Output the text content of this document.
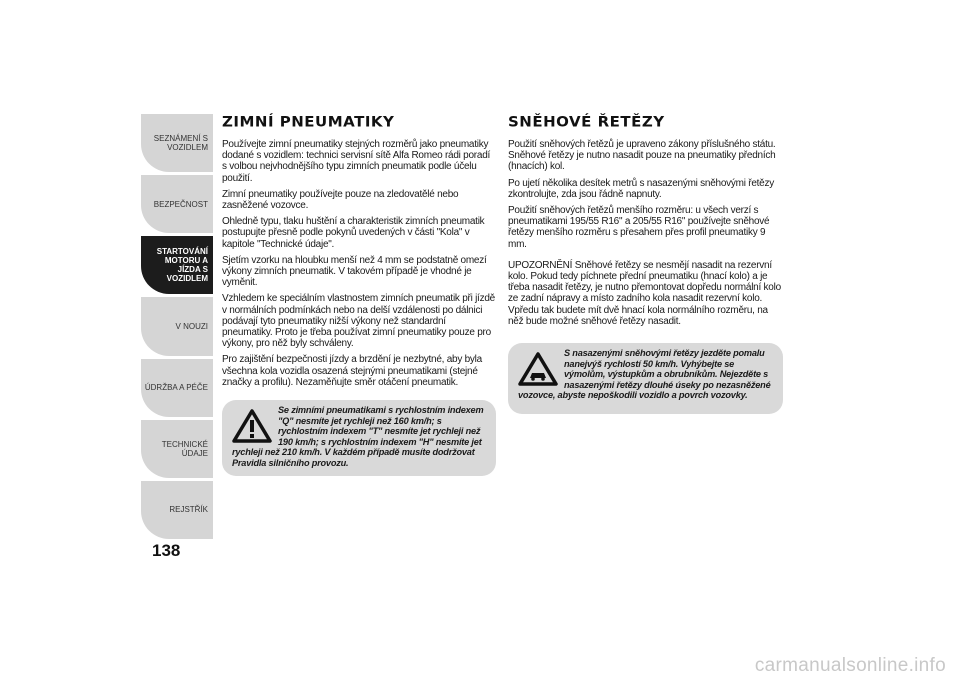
SEZNÁMENÍ S VOZIDLEM
BEZPEČNOST
STARTOVÁNÍ MOTORU A JÍZDA S VOZIDLEM
V NOUZI
ÚDRŽBA A PÉČE
TECHNICKÉ ÚDAJE
REJSTŘÍK
138
ZIMNÍ PNEUMATIKY

Používejte zimní pneumatiky stejných rozměrů jako pneumatiky dodané s vozidlem: technici servisní sítě Alfa Romeo rádi poradí s volbou nejvhodnějšího typu zimních pneumatik podle účelu použití.

Zimní pneumatiky používejte pouze na zledovatělé nebo zasněžené vozovce.

Ohledně typu, tlaku huštění a charakteristik zimních pneumatik postupujte přesně podle pokynů uvedených v části "Kola" v kapitole "Technické údaje".

Sjetím vzorku na hloubku menší než 4 mm se podstatně omezí výkony zimních pneumatik. V takovém případě je vhodné je vyměnit.

Vzhledem ke speciálním vlastnostem zimních pneumatik při jízdě v normálních podmínkách nebo na delší vzdálenosti po dálnici podávají tyto pneumatiky nižší výkony než standardní pneumatiky. Proto je třeba používat zimní pneumatiky pouze pro výkony, pro něž byly schváleny.

Pro zajištění bezpečnosti jízdy a brzdění je nezbytné, aby byla všechna kola vozidla osazená stejnými pneumatikami (stejné značky a profilu). Nezaměňujte směr otáčení pneumatik.

Se zimními pneumatikami s rychlostním indexem "Q" nesmíte jet rychleji než 160 km/h; s rychlostním indexem "T" nesmíte jet rychleji než 190 km/h; s rychlostním indexem "H" nesmíte jet rychleji než 210 km/h. V každém případě musíte dodržovat Pravidla silničního provozu.
SNĚHOVÉ ŘETĚZY

Použití sněhových řetězů je upraveno zákony příslušného státu. Sněhové řetězy je nutno nasadit pouze na pneumatiky předních (hnacích) kol.

Po ujetí několika desítek metrů s nasazenými sněhovými řetězy zkontrolujte, zda jsou řádně napnuty.

Použití sněhových řetězů menšího rozměru: u všech verzí s pneumatikami 195/55 R16" a 205/55 R16" používejte sněhové řetězy menšího rozměru s přesahem přes profil pneumatiky 9 mm.

UPOZORNĚNÍ Sněhové řetězy se nesmějí nasadit na rezervní kolo. Pokud tedy píchnete přední pneumatiku (hnací kolo) a je třeba nasadit řetězy, je nutno přemontovat dopředu normální kolo ze zadní nápravy a místo zadního kola nasadit rezervní kolo. Vpředu tak budete mít dvě hnací kola normálního rozměru, na něž bude možné sněhové řetězy nasadit.

S nasazenými sněhovými řetězy jezděte pomalu nanejvýš rychlostí 50 km/h. Vyhýbejte se výmolům, výstupkům a obrubníkům. Nejezděte s nasazenými řetězy dlouhé úseky po nezasněžené vozovce, abyste nepoškodili vozidlo a povrch vozovky.
carmanualsonline.info
